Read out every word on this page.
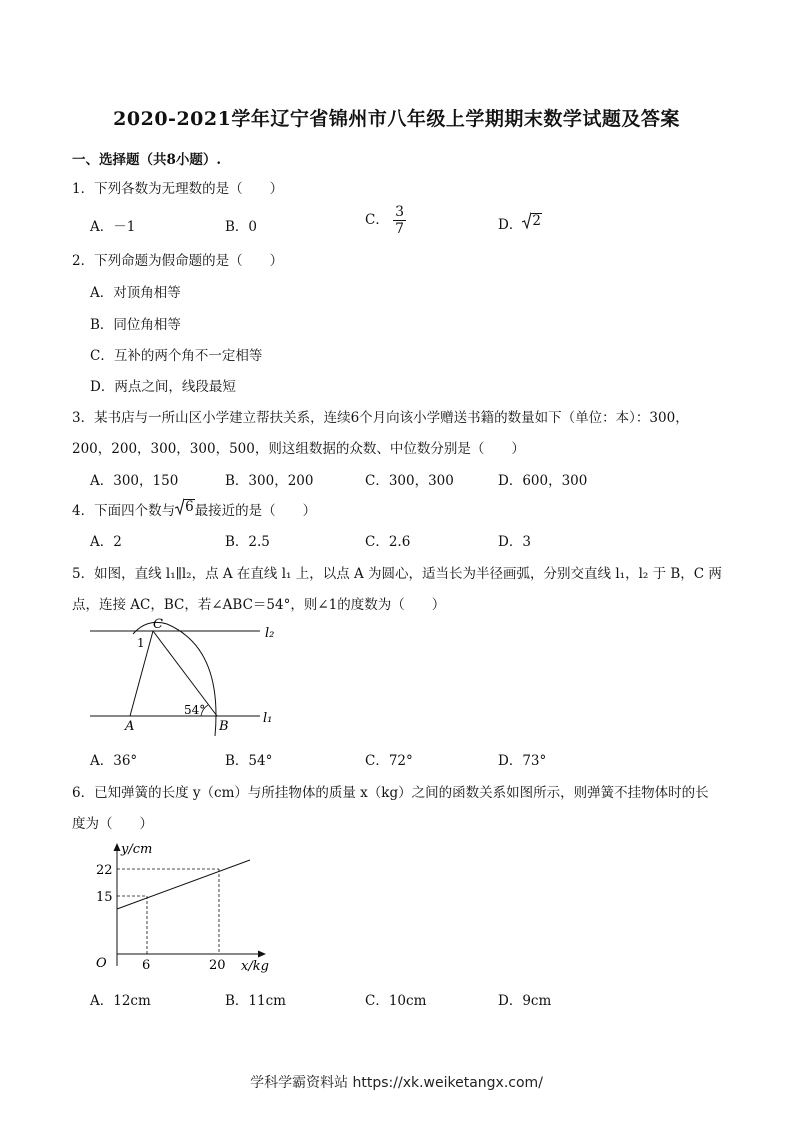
2020-2021学年辽宁省锦州市八年级上学期期末数学试题及答案
一、选择题（共8小题）.
1．下列各数为无理数的是（　　）
A．－1	B．0	C． $\frac{3}{7}$	D． 2
2．下列命题为假命题的是（　　）
A．对顶角相等
B．同位角相等
C．互补的两个角不一定相等
D．两点之间，线段最短
3．某书店与一所山区小学建立帮扶关系，连续6个月向该小学赠送书籍的数量如下（单位：本）：300，
200，200，300，300，500，则这组数据的众数、中位数分别是（　　）
A．300，150	B．300，200	C．300，300	D．600，300
4．下面四个数与 6 最接近的是（　　）
A．2	B．2.5	C．2.6	D．3
5．如图，直线 l₁∥l₂，点 A 在直线 l₁ 上，以点 A 为圆心，适当长为半径画弧，分别交直线 l₁，l₂ 于 B，C 两
点，连接 AC，BC，若∠ABC＝54°，则∠1的度数为（　　）
C
1
l₂
54°
A	B
l₁
A．36°	B．54°	C．72°	D．73°
6．已知弹簧的长度 y（cm）与所挂物体的质量 x（kg）之间的函数关系如图所示，则弹簧不挂物体时的长
度为（　　）
y/cm
22
15
O	6	20 x/kg
A．12cm	B．11cm	C．10cm	D．9cm
学科学霸资料站 https://xk.weiketangx.com/
